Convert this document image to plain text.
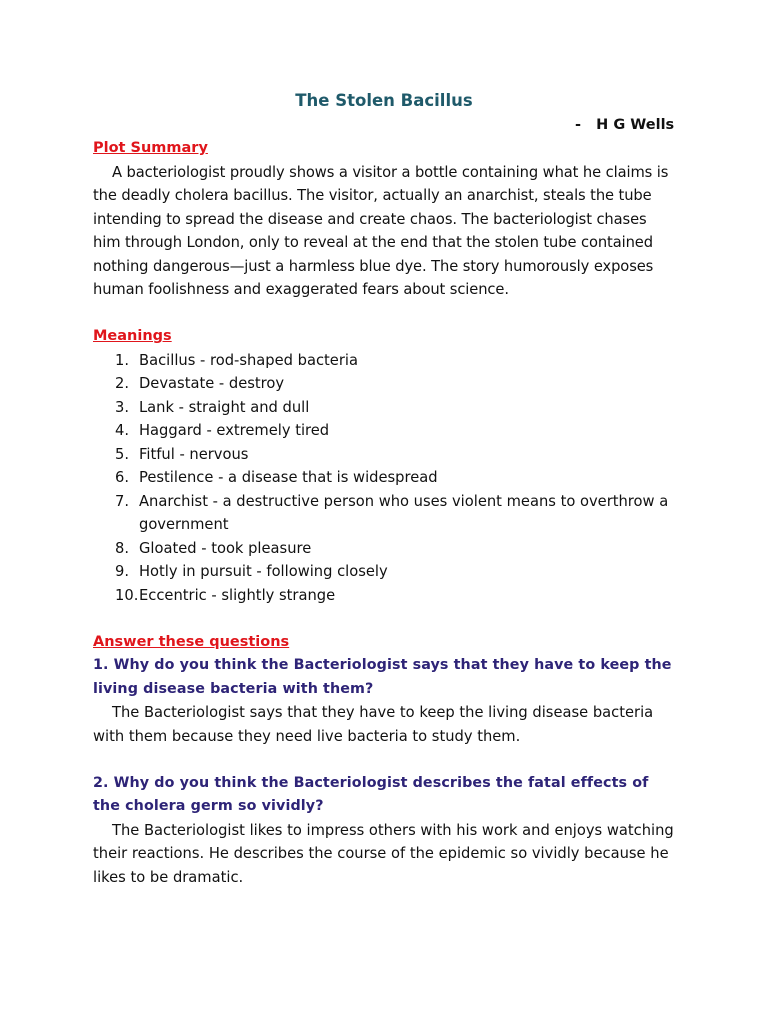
The Stolen Bacillus
-   H G Wells

Plot Summary

A bacteriologist proudly shows a visitor a bottle containing what he claims is the deadly cholera bacillus. The visitor, actually an anarchist, steals the tube intending to spread the disease and create chaos. The bacteriologist chases him through London, only to reveal at the end that the stolen tube contained nothing dangerous—just a harmless blue dye. The story humorously exposes human foolishness and exaggerated fears about science.

Meanings

1. Bacillus - rod-shaped bacteria
2. Devastate - destroy
3. Lank - straight and dull
4. Haggard - extremely tired
5. Fitful - nervous
6. Pestilence - a disease that is widespread
7. Anarchist - a destructive person who uses violent means to overthrow a government
8. Gloated - took pleasure
9. Hotly in pursuit - following closely
10. Eccentric - slightly strange

Answer these questions

1. Why do you think the Bacteriologist says that they have to keep the living disease bacteria with them?

The Bacteriologist says that they have to keep the living disease bacteria with them because they need live bacteria to study them.

2. Why do you think the Bacteriologist describes the fatal effects of the cholera germ so vividly?

The Bacteriologist likes to impress others with his work and enjoys watching their reactions. He describes the course of the epidemic so vividly because he likes to be dramatic.
